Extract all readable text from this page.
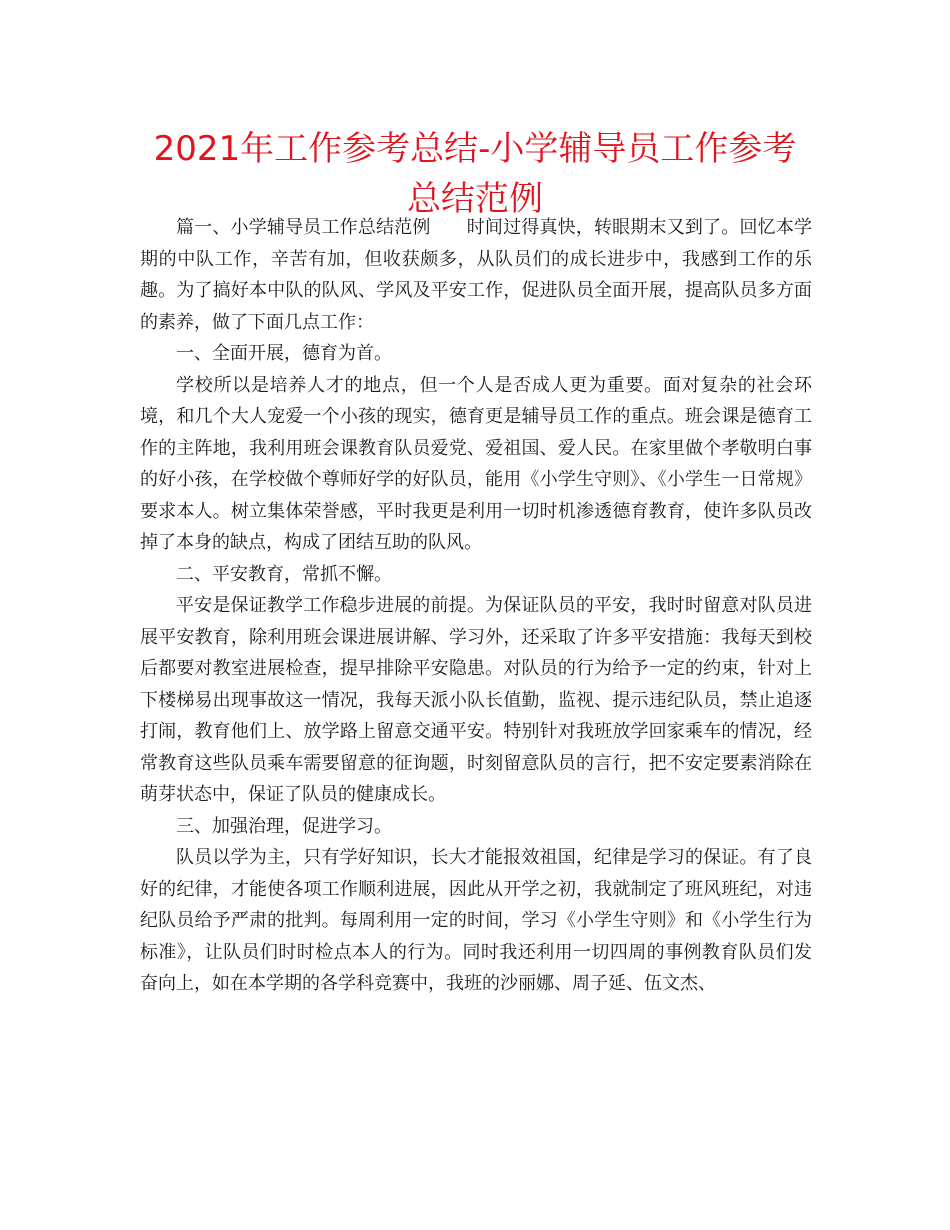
2021年工作参考总结-小学辅导员工作参考总结范例

篇一、小学辅导员工作总结范例 时间过得真快，转眼期末又到了。回忆本学期的中队工作，辛苦有加，但收获颇多，从队员们的成长进步中，我感到工作的乐趣。为了搞好本中队的队风、学风及平安工作，促进队员全面开展，提高队员多方面的素养，做了下面几点工作：

一、全面开展，德育为首。

学校所以是培养人才的地点，但一个人是否成人更为重要。面对复杂的社会环境，和几个大人宠爱一个小孩的现实，德育更是辅导员工作的重点。班会课是德育工作的主阵地，我利用班会课教育队员爱党、爱祖国、爱人民。在家里做个孝敬明白事的好小孩，在学校做个尊师好学的好队员，能用《小学生守则》、《小学生一日常规》要求本人。树立集体荣誉感，平时我更是利用一切时机渗透德育教育，使许多队员改掉了本身的缺点，构成了团结互助的队风。

二、平安教育，常抓不懈。

平安是保证教学工作稳步进展的前提。为保证队员的平安，我时时留意对队员进展平安教育，除利用班会课进展讲解、学习外，还采取了许多平安措施：我每天到校后都要对教室进展检查，提早排除平安隐患。对队员的行为给予一定的约束，针对上下楼梯易出现事故这一情况，我每天派小队长值勤，监视、提示违纪队员，禁止追逐打闹，教育他们上、放学路上留意交通平安。特别针对我班放学回家乘车的情况，经常教育这些队员乘车需要留意的征询题，时刻留意队员的言行，把不安定要素消除在萌芽状态中，保证了队员的健康成长。

三、加强治理，促进学习。

队员以学为主，只有学好知识，长大才能报效祖国，纪律是学习的保证。有了良好的纪律，才能使各项工作顺利进展，因此从开学之初，我就制定了班风班纪，对违纪队员给予严肃的批判。每周利用一定的时间，学习《小学生守则》和《小学生行为标准》，让队员们时时检点本人的行为。同时我还利用一切四周的事例教育队员们发奋向上，如在本学期的各学科竞赛中，我班的沙丽娜、周子延、伍文杰、
